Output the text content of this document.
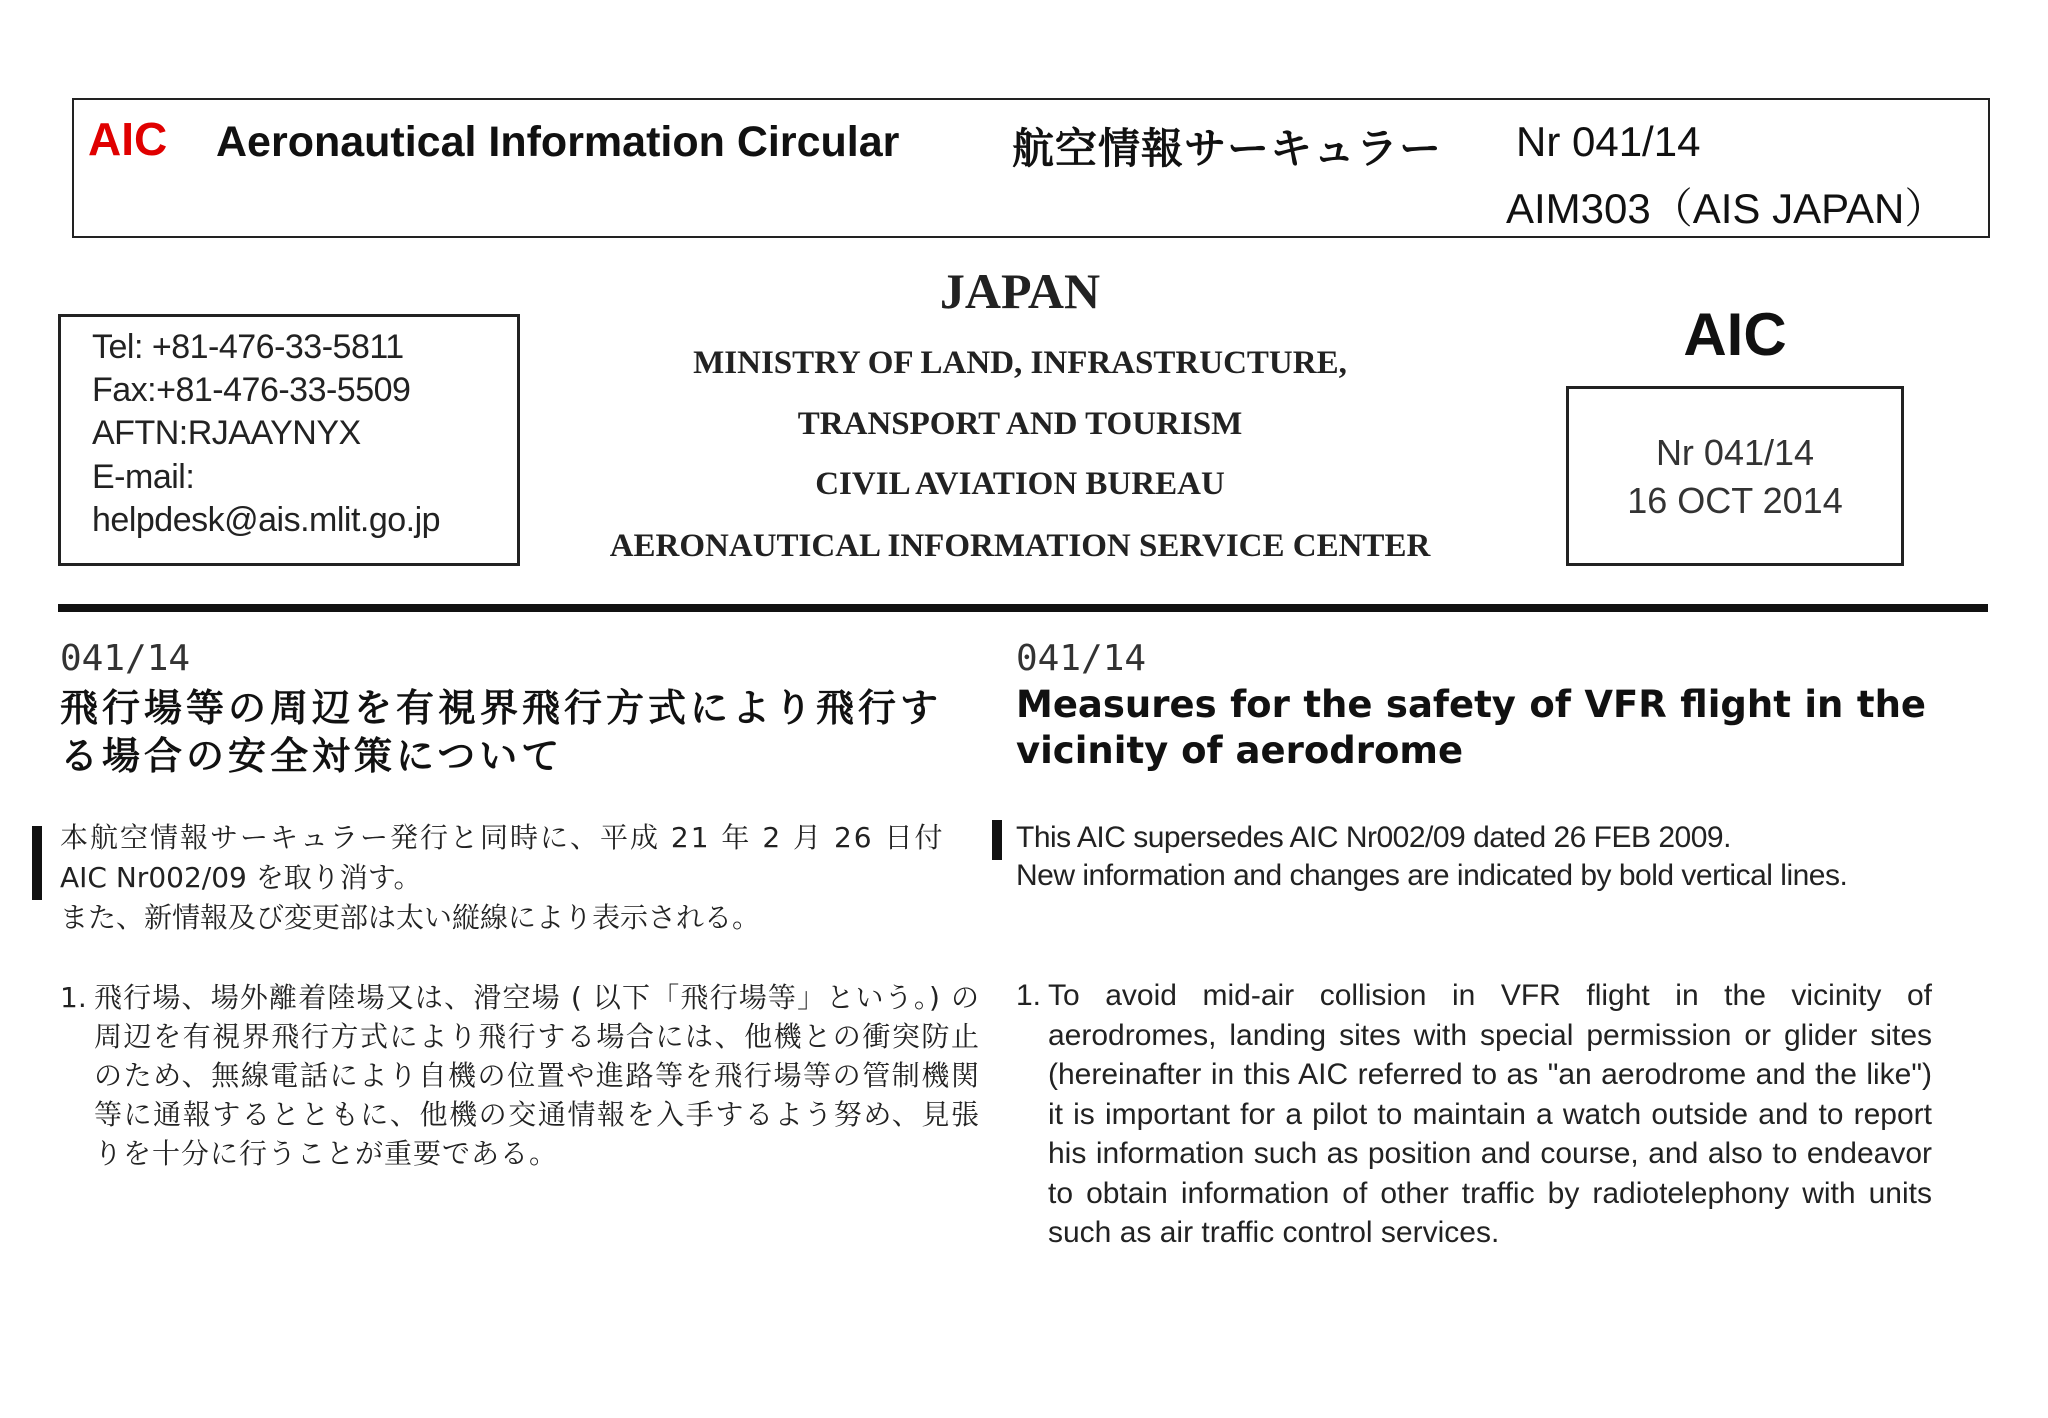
AIC Aeronautical Information Circular	航空情報サーキュラー Nr 041/14
AIM303（AIS JAPAN）
Tel: +81-476-33-5811
Fax:+81-476-33-5509
AFTN:RJAAYNYX
E-mail:
helpdesk@ais.mlit.go.jp
JAPAN
MINISTRY OF LAND, INFRASTRUCTURE,
TRANSPORT AND TOURISM
CIVIL AVIATION BUREAU
AERONAUTICAL INFORMATION SERVICE CENTER
AIC
Nr 041/14
16 OCT 2014
041/14
飛行場等の周辺を有視界飛行方式により飛行する場合の安全対策について
041/14
Measures for the safety of VFR flight in the vicinity of aerodrome
本航空情報サーキュラー発行と同時に、平成 21 年 2 月 26 日付
AIC Nr002/09 を取り消す。
また、新情報及び変更部は太い縦線により表示される。
This AIC supersedes AIC Nr002/09 dated 26 FEB 2009.
New information and changes are indicated by bold vertical lines.
1. 飛行場、場外離着陸場又は、滑空場 ( 以下「飛行場等」という。) の周辺を有視界飛行方式により飛行する場合には、他機との衝突防止のため、無線電話により自機の位置や進路等を飛行場等の管制機関等に通報するとともに、他機の交通情報を入手するよう努め、見張りを十分に行うことが重要である。
1. To avoid mid-air collision in VFR flight in the vicinity of aerodromes, landing sites with special permission or glider sites (hereinafter in this AIC referred to as "an aerodrome and the like") it is important for a pilot to maintain a watch outside and to report his information such as position and course, and also to endeavor to obtain information of other traffic by radiotelephony with units such as air traffic control services.
